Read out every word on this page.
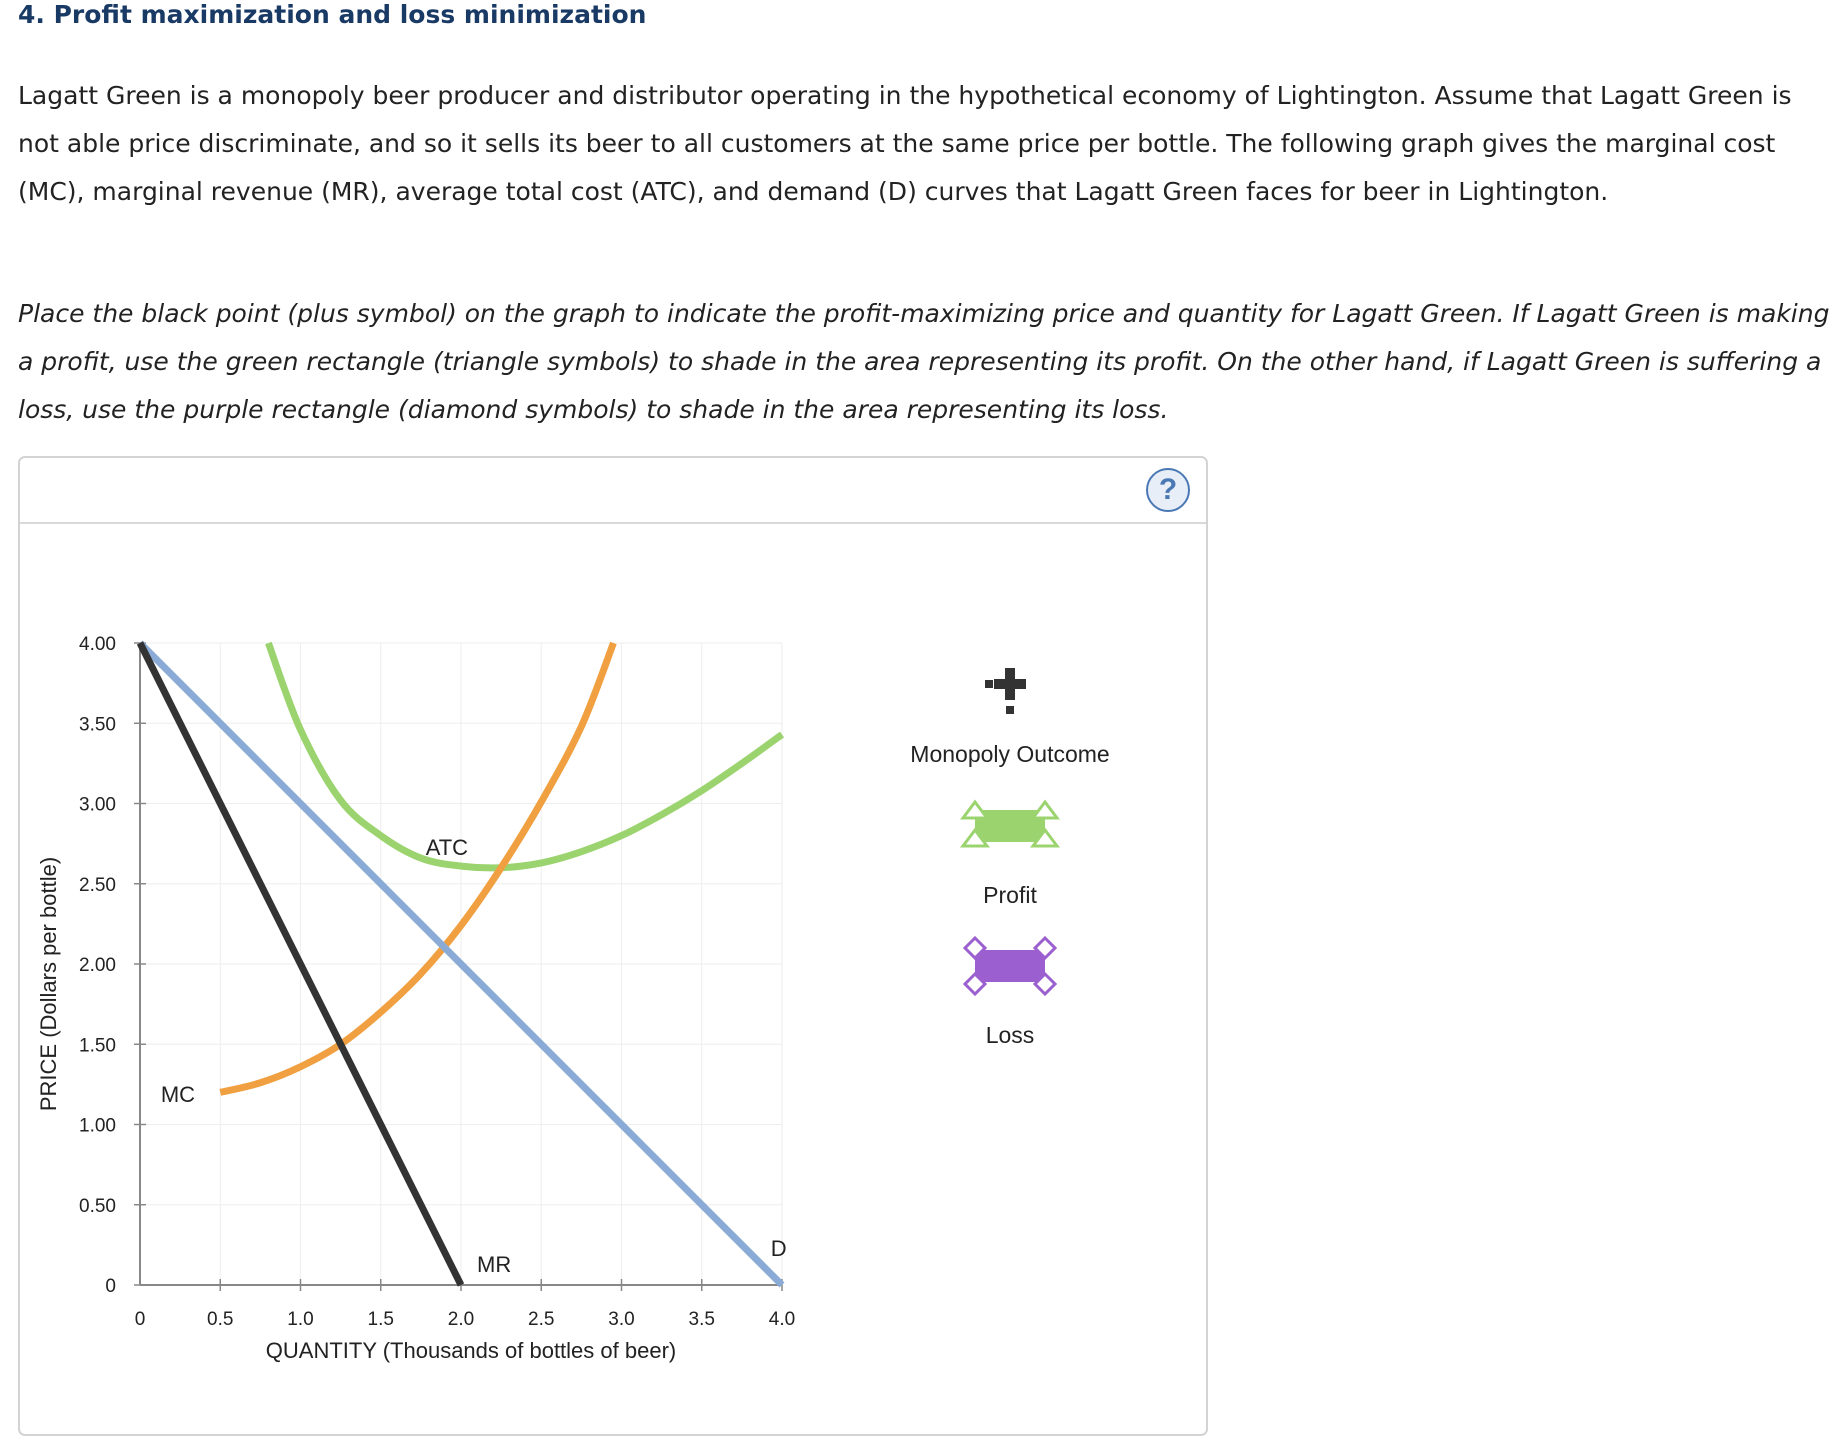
4. Profit maximization and loss minimization

Lagatt Green is a monopoly beer producer and distributor operating in the hypothetical economy of Lightington. Assume that Lagatt Green is not able price discriminate, and so it sells its beer to all customers at the same price per bottle. The following graph gives the marginal cost (MC), marginal revenue (MR), average total cost (ATC), and demand (D) curves that Lagatt Green faces for beer in Lightington.

Place the black point (plus symbol) on the graph to indicate the profit-maximizing price and quantity for Lagatt Green. If Lagatt Green is making a profit, use the green rectangle (triangle symbols) to shade in the area representing its profit. On the other hand, if Lagatt Green is suffering a loss, use the purple rectangle (diamond symbols) to shade in the area representing its loss.

?
0	0.5	1.0	1.5	2.0	2.5	3.0	3.5	4.0
0
0.50
1.00
1.50
2.00
2.50
3.00
3.50
4.00
QUANTITY (Thousands of bottles of beer)
PRICE (Dollars per bottle)
D
MR
MC
ATC
Monopoly Outcome
Profit
Loss
